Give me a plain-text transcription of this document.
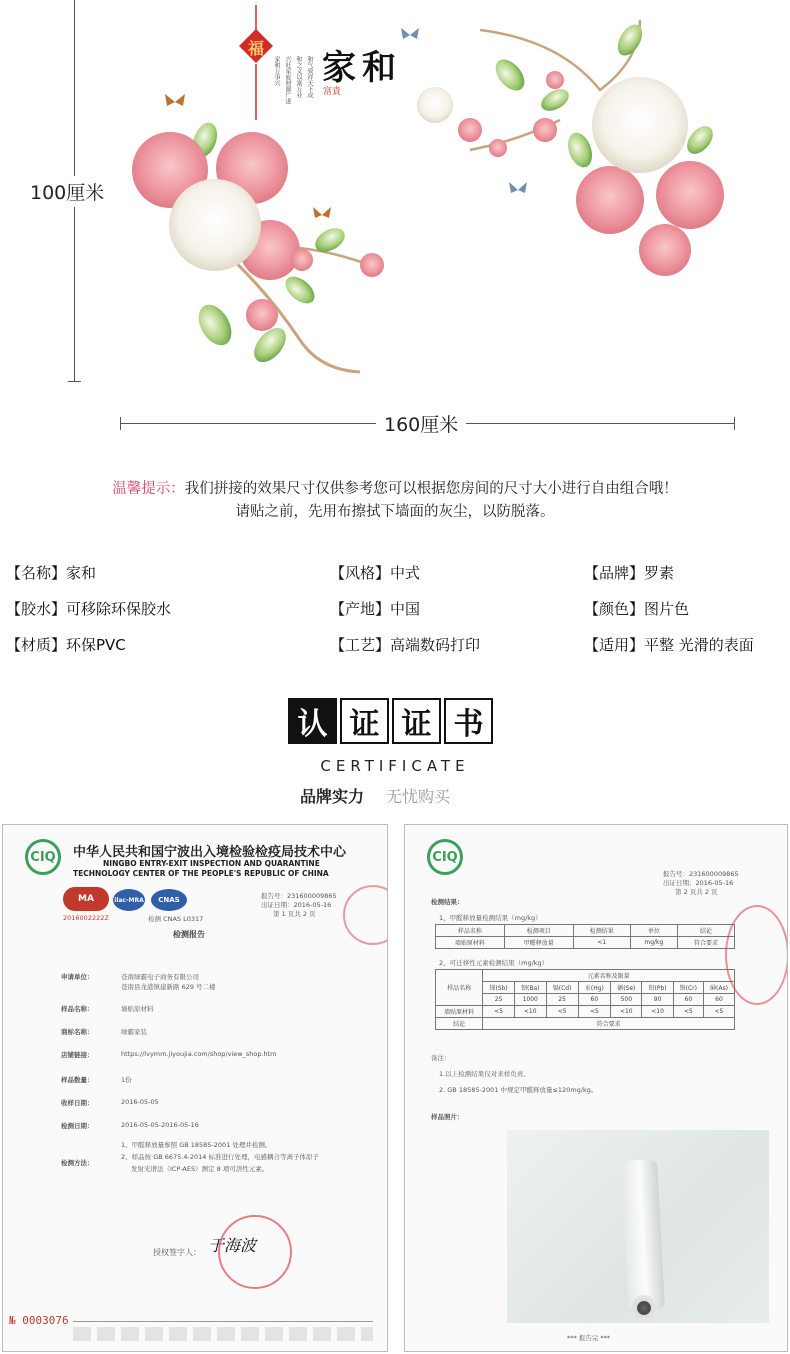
福 家和
富貴
和气致祥天下成
和之义以富万业
兴旺家庭财源广进
家和万事兴
100厘米
160厘米
温馨提示：我们拼接的效果尺寸仅供参考您可以根据您房间的尺寸大小进行自由组合哦！
请贴之前，先用布擦拭下墙面的灰尘，以防脱落。
【名称】家和	【风格】中式	【品牌】罗素
【胶水】可移除环保胶水	【产地】中国	【颜色】图片色
【材质】环保PVC	【工艺】高端数码打印	【适用】平整 光滑的表面
认 证 证 书
CERTIFICATE
品牌实力 无忧购买
CIQ	中华人民共和国宁波出入境检验检疫局技术中心
NINGBO ENTRY-EXIT INSPECTION AND QUARANTINE
TECHNOLOGY CENTER OF THE PEOPLE'S REPUBLIC OF CHINA
MA	ilac-MRA	CNAS
2016002222Z	检测 CNAS L0317
报告号：231600009865
出证日期：2016-05-16
第 1 页共 2 页
检测报告
申请单位：	苍南绿霸电子商务有限公司
苍南县龙港镇建新路 629 号二楼
样品名称：	墙贴原材料
商标名称：	绿霸家装
店铺链接：	https://lvymm.jiyoujia.com/shop/view_shop.htm
样品数量：	1份
收样日期：	2016-05-05
检测日期：	2016-05-05-2016-05-16
检测方法：
1、甲醛释放量参照 GB 18585-2001 处理并检测。
2、样品按 GB 6675.4-2014 标准进行处理，电感耦合等离子体原子
发射光谱法（ICP-AES）测定 8 项可溶性元素。
授权签字人： 于海波
№ 0003076
CIQ
报告号：231600009865
出证日期：2016-05-16
第 2 页共 2 页
检测结果：
1、甲醛释放量检测结果（mg/kg）
样品名称	检测项目	检测结果	单位	结论
墙贴原材料	甲醛释放量	<1	mg/kg	符合要求
2、可迁移性元素检测结果（mg/kg）
样品名称	元素名称及限量							
	锑(Sb)	钡(Ba)	镉(Cd)	汞(Hg)	硒(Se)	铅(Pb)	铬(Cr)	砷(As)
	25	1000	25	60	500	90	60	60
墙贴原材料	<5	<10	<5	<5	<10	<10	<5	<5
结论	符合要求							
备注：
1.以上检测结果仅对来样负责。
2. GB 18585-2001 中规定甲醛释放量≤120mg/kg。
样品照片：
*** 报告完 ***
